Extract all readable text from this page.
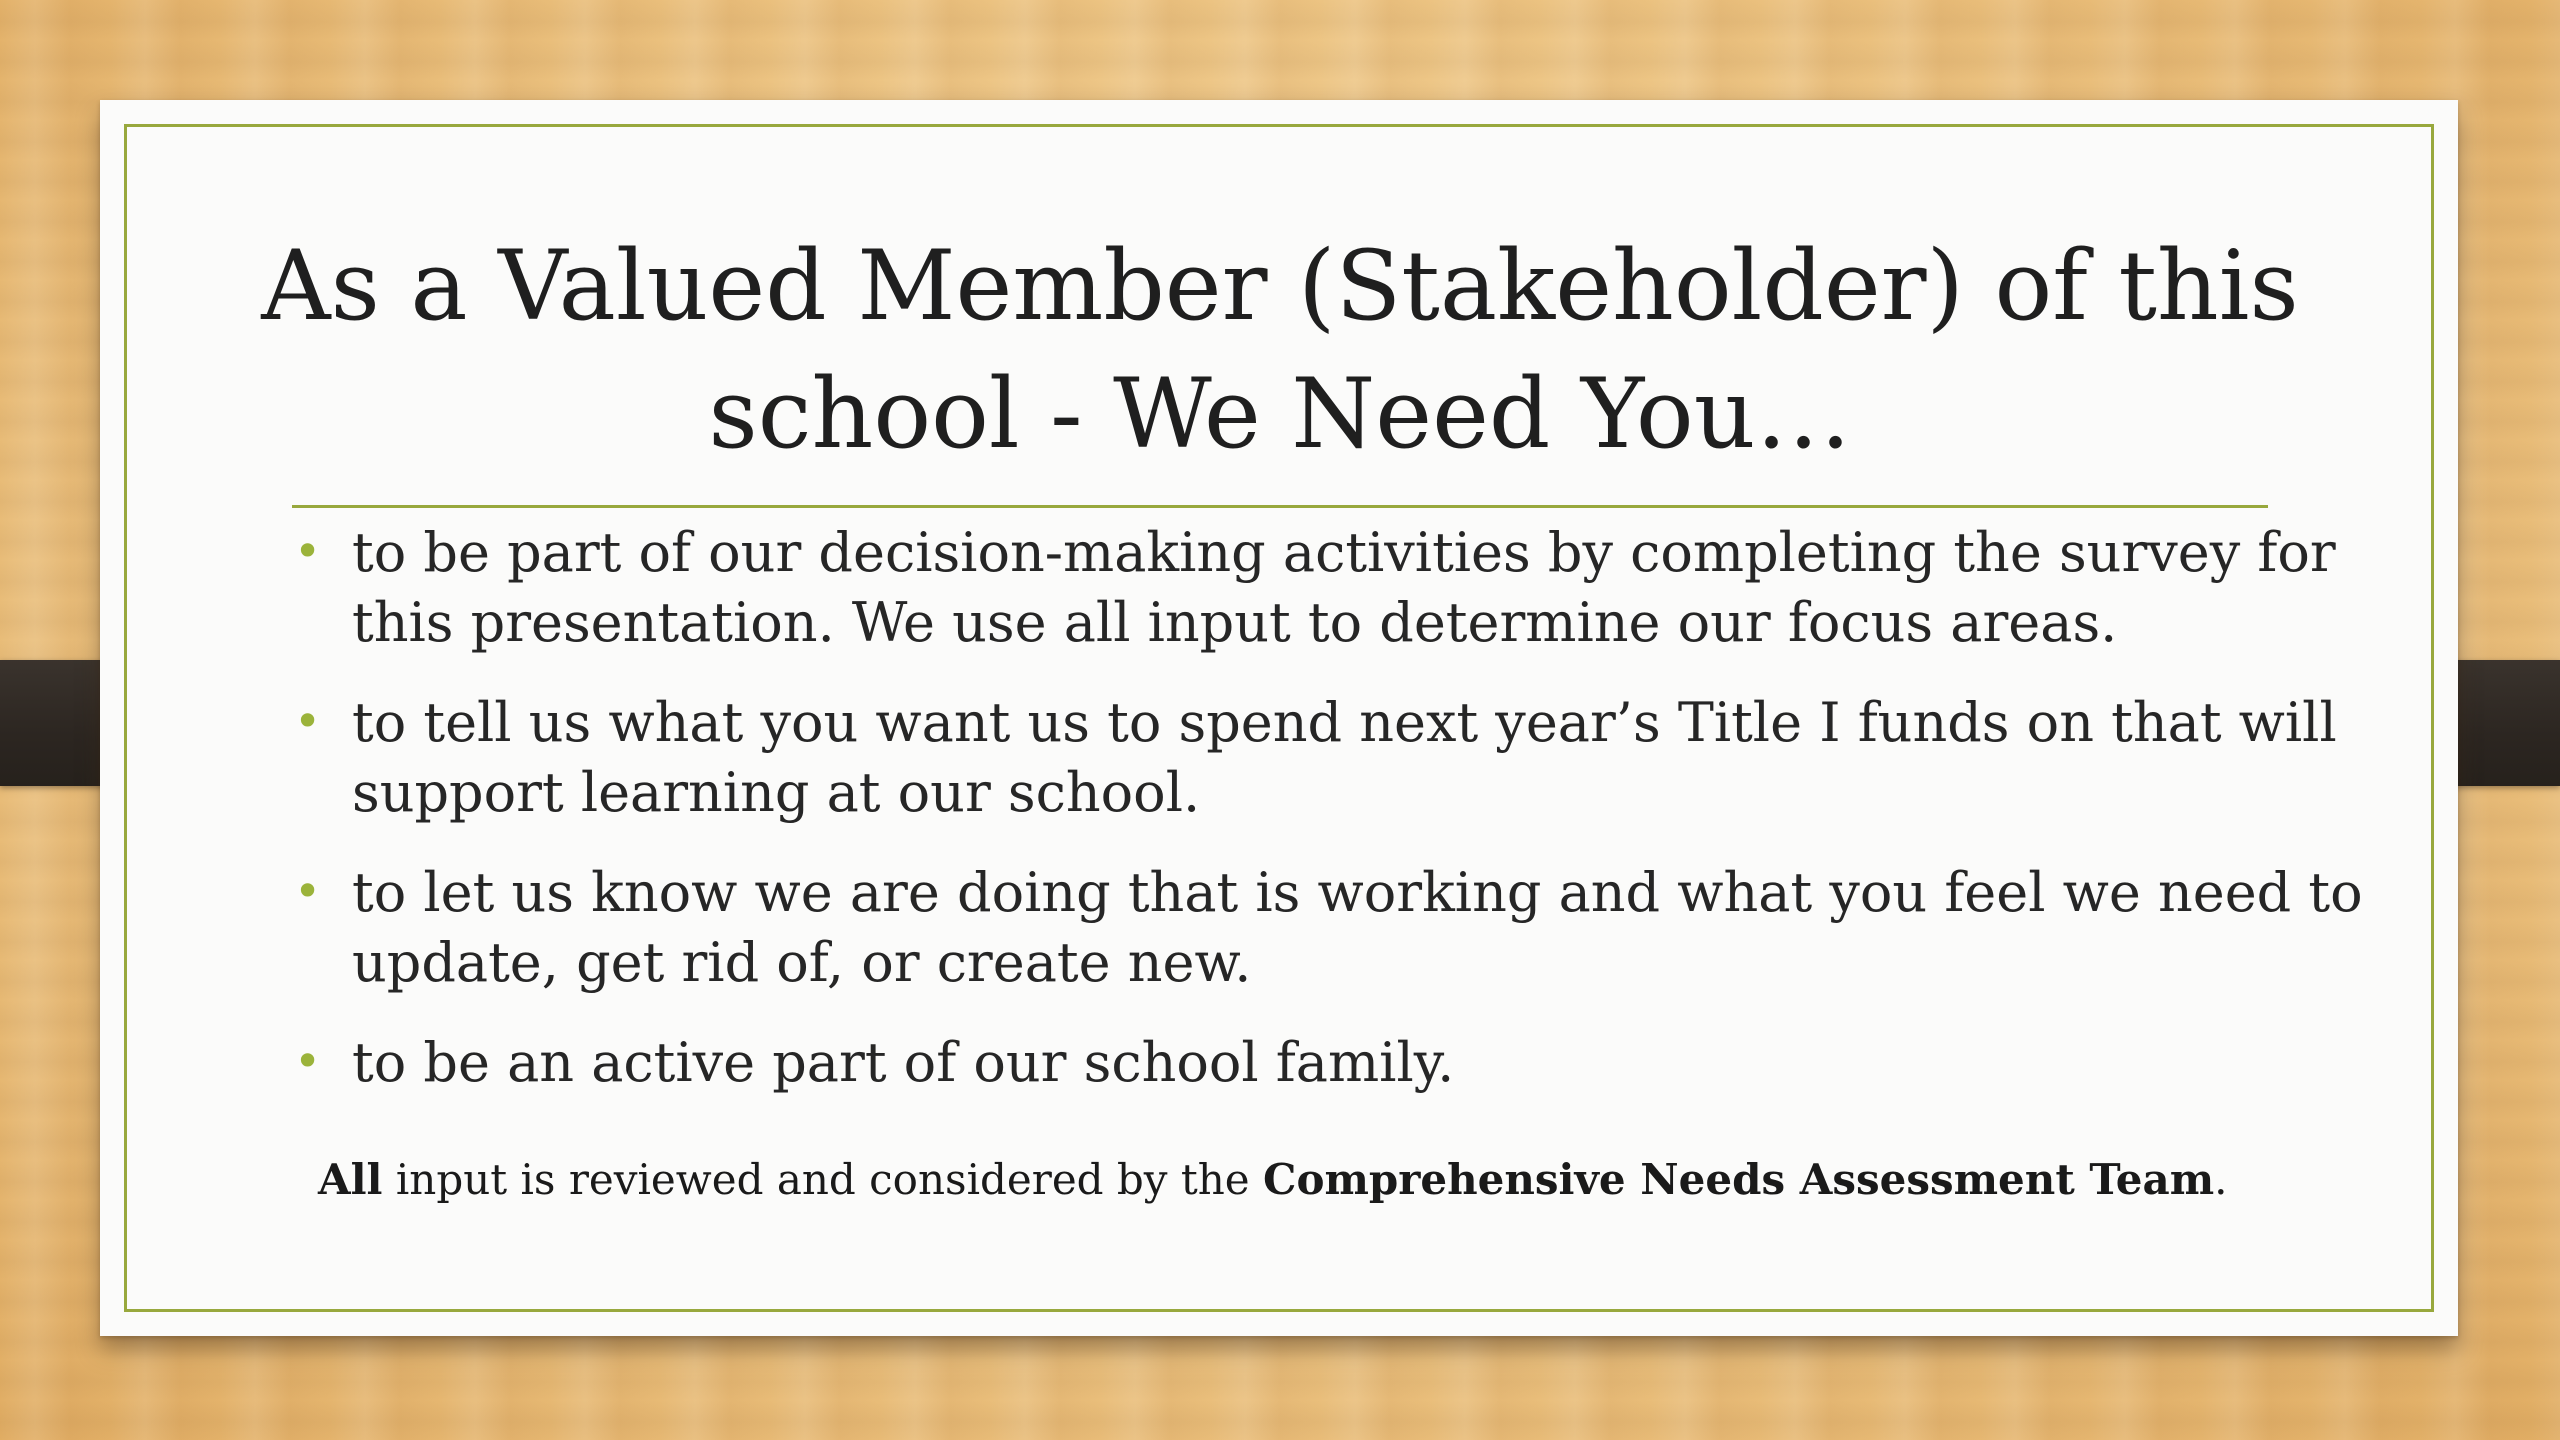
As a Valued Member (Stakeholder) of this school - We Need You…
• to be part of our decision-making activities by completing the survey for this presentation. We use all input to determine our focus areas.
• to tell us what you want us to spend next year’s Title I funds on that will support learning at our school.
• to let us know we are doing that is working and what you feel we need to update, get rid of, or create new.
• to be an active part of our school family.

All input is reviewed and considered by the Comprehensive Needs Assessment Team.
